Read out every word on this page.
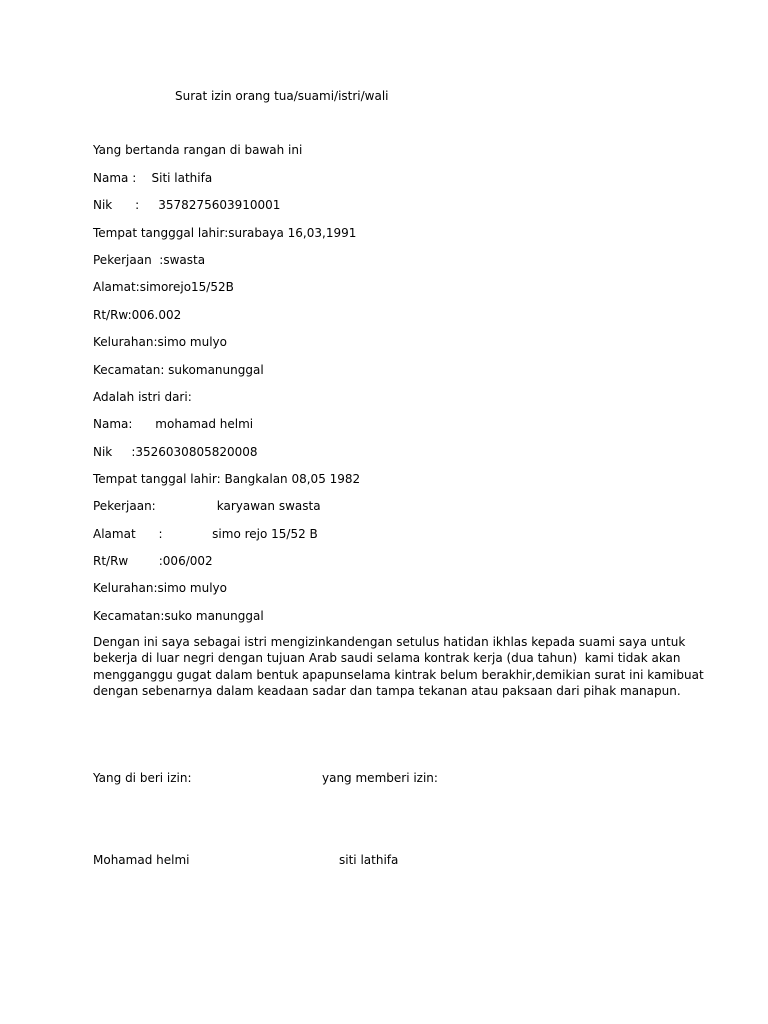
Surat izin orang tua/suami/istri/wali
Yang bertanda rangan di bawah ini
Nama :    Siti lathifa
Nik      :     3578275603910001
Tempat tangggal lahir:surabaya 16,03,1991
Pekerjaan  :swasta
Alamat:simorejo15/52B
Rt/Rw:006.002
Kelurahan:simo mulyo
Kecamatan: sukomanunggal
Adalah istri dari:
Nama:      mohamad helmi
Nik     :3526030805820008
Tempat tanggal lahir: Bangkalan 08,05 1982
Pekerjaan:                karyawan swasta
Alamat      :             simo rejo 15/52 B
Rt/Rw        :006/002
Kelurahan:simo mulyo
Kecamatan:suko manunggal
Dengan ini saya sebagai istri mengizinkandengan setulus hatidan ikhlas kepada suami saya untuk
bekerja di luar negri dengan tujuan Arab saudi selama kontrak kerja (dua tahun)  kami tidak akan
mengganggu gugat dalam bentuk apapunselama kintrak belum berakhir,demikian surat ini kamibuat
dengan sebenarnya dalam keadaan sadar dan tampa tekanan atau paksaan dari pihak manapun.
Yang di beri izin:	yang memberi izin:
Mohamad helmi	siti lathifa
